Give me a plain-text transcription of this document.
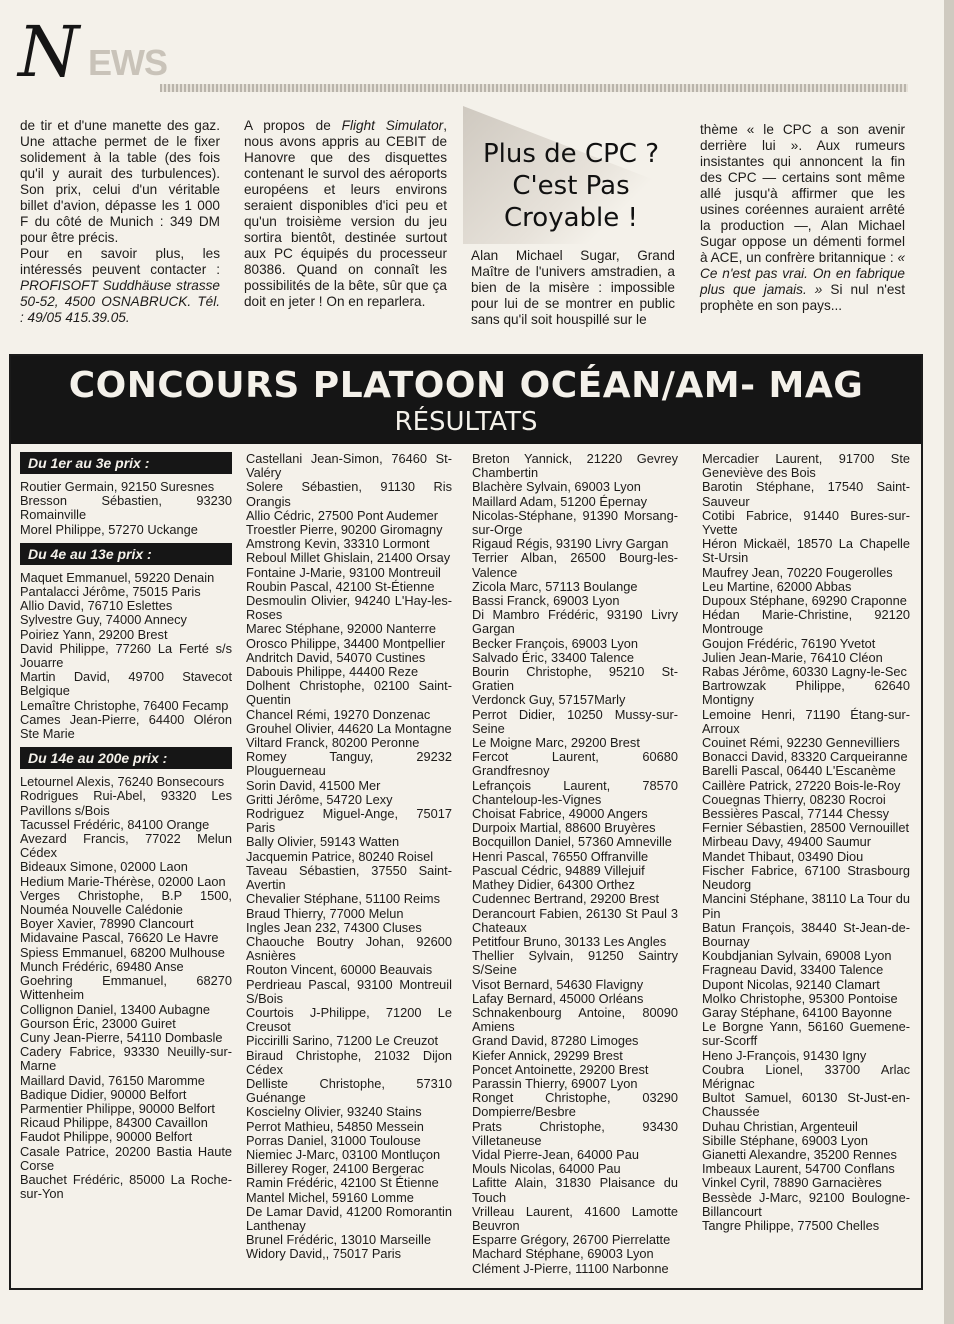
N EWS

de tir et d'une manette des gaz. Une attache permet de le fixer solidement à la table (des fois qu'il y aurait des turbulences). Son prix, celui d'un véritable billet d'avion, dépasse les 1 000 F du côté de Munich : 349 DM pour être précis.

Pour en savoir plus, les intéressés peuvent contacter : PROFISOFT Suddhäuse strasse 50-52, 4500 OSNABRUCK. Tél. : 49/05 415.39.05.

A propos de Flight Simulator, nous avons appris au CEBIT de Hanovre que des disquettes contenant le survol des aéroports européens et leurs environs seraient disponibles d'ici peu et qu'un troisième version du jeu sortira bientôt, destinée surtout aux PC équipés du processeur 80386. Quand on connaît les possibilités de la bête, sûr que ça doit en jeter ! On en reparlera.

Plus de CPC ?
C'est Pas
Croyable !
Alan Michael Sugar, Grand Maître de l'univers amstradien, a bien de la misère : impossible pour lui de se montrer en public sans qu'il soit houspillé sur le

thème « le CPC a son avenir derrière lui ». Aux rumeurs insistantes qui annoncent la fin des CPC — certains sont même allé jusqu'à affirmer que les usines coréennes auraient arrêté la production —, Alan Michael Sugar oppose un démenti formel à ACE, un confrère britannique : « Ce n'est pas vrai. On en fabrique plus que jamais. » Si nul n'est prophète en son pays...

CONCOURS PLATOON OCÉAN/AM- MAG
RÉSULTATS
Du 1er au 3e prix :
Routier Germain, 92150 Suresnes
Bresson Sébastien, 93230 Romainville
Morel Philippe, 57270 Uckange
Du 4e au 13e prix :
Maquet Emmanuel, 59220 Denain
Pantalacci Jérôme, 75015 Paris
Allio David, 76710 Eslettes
Sylvestre Guy, 74000 Annecy
Poiriez Yann, 29200 Brest
David Philippe, 77260 La Ferté s/s Jouarre
Martin David, 49700 Stavecot Belgique
Lemaître Christophe, 76400 Fecamp
Cames Jean-Pierre, 64400 Oléron Ste Marie
Du 14e au 200e prix :
Letournel Alexis, 76240 Bonsecours
Rodrigues Rui-Abel, 93320 Les Pavillons s/Bois
Tacussel Frédéric, 84100 Orange
Avezard Francis, 77022 Melun Cédex
Bideaux Simone, 02000 Laon
Hedium Marie-Thérèse, 02000 Laon
Verges Christophe, B.P 1500, Nouméa Nouvelle Calédonie
Boyer Xavier, 78990 Clancourt
Midavaine Pascal, 76620 Le Havre
Spiess Emmanuel, 68200 Mulhouse
Munch Frédéric, 69480 Anse
Goehring Emmanuel, 68270 Wittenheim
Collignon Daniel, 13400 Aubagne
Gourson Éric, 23000 Guiret
Cuny Jean-Pierre, 54110 Dombasle
Cadery Fabrice, 93330 Neuilly-sur-Marne
Maillard David, 76150 Maromme
Badique Didier, 90000 Belfort
Parmentier Philippe, 90000 Belfort
Ricaud Philippe, 84300 Cavaillon
Faudot Philippe, 90000 Belfort
Casale Patrice, 20200 Bastia Haute Corse
Bauchet Frédéric, 85000 La Roche-sur-Yon
Castellani Jean-Simon, 76460 St-Valéry
Solere Sébastien, 91130 Ris Orangis
Allio Cédric, 27500 Pont Audemer
Troestler Pierre, 90200 Giromagny
Amstrong Kevin, 33310 Lormont
Reboul Millet Ghislain, 21400 Orsay
Fontaine J-Marie, 93100 Montreuil
Roubin Pascal, 42100 St-Étienne
Desmoulin Olivier, 94240 L'Hay-les-Roses
Marec Stéphane, 92000 Nanterre
Orosco Philippe, 34400 Montpellier
Andritch David, 54070 Custines
Dabouis Philippe, 44400 Reze
Dolhent Christophe, 02100 Saint-Quentin
Chancel Rémi, 19270 Donzenac
Grouhel Olivier, 44620 La Montagne
Viltard Franck, 80200 Peronne
Romey Tanguy, 29232 Plouguerneau
Sorin David, 41500 Mer
Gritti Jérôme, 54720 Lexy
Rodriguez Miguel-Ange, 75017 Paris
Bally Olivier, 59143 Watten
Jacquemin Patrice, 80240 Roisel
Taveau Sébastien, 37550 Saint-Avertin
Chevalier Stéphane, 51100 Reims
Braud Thierry, 77000 Melun
Ingles Jean 232, 74300 Cluses
Chaouche Boutry Johan, 92600 Asnières
Routon Vincent, 60000 Beauvais
Perdrieau Pascal, 93100 Montreuil S/Bois
Courtois J-Philippe, 71200 Le Creusot
Piccirilli Sarino, 71200 Le Creuzot
Biraud Christophe, 21032 Dijon Cédex
Delliste Christophe, 57310 Guénange
Koscielny Olivier, 93240 Stains
Perrot Mathieu, 54850 Messein
Porras Daniel, 31000 Toulouse
Niemiec J-Marc, 03100 Montluçon
Billerey Roger, 24100 Bergerac
Ramin Frédéric, 42100 St Étienne
Mantel Michel, 59160 Lomme
De Lamar David, 41200 Romorantin Lanthenay
Brunel Frédéric, 13010 Marseille
Widory David,, 75017 Paris
Breton Yannick, 21220 Gevrey Chambertin
Blachère Sylvain, 69003 Lyon
Maillard Adam, 51200 Épernay
Nicolas-Stéphane, 91390 Morsang-sur-Orge
Rigaud Régis, 93190 Livry Gargan
Terrier Alban, 26500 Bourg-les-Valence
Zicola Marc, 57113 Boulange
Bassi Franck, 69003 Lyon
Di Mambro Frédéric, 93190 Livry Gargan
Becker François, 69003 Lyon
Salvado Éric, 33400 Talence
Bourin Christophe, 95210 St-Gratien
Verdonck Guy, 57157Marly
Perrot Didier, 10250 Mussy-sur-Seine
Le Moigne Marc, 29200 Brest
Fercot Laurent, 60680 Grandfresnoy
Lefrançois Laurent, 78570 Chanteloup-les-Vignes
Choisat Fabrice, 49000 Angers
Durpoix Martial, 88600 Bruyères
Bocquillon Daniel, 57360 Amneville
Henri Pascal, 76550 Offranville
Pascual Cédric, 94889 Villejuif
Mathey Didier, 64300 Orthez
Cudennec Bertrand, 29200 Brest
Derancourt Fabien, 26130 St Paul 3 Chateaux
Petitfour Bruno, 30133 Les Angles
Thellier Sylvain, 91250 Saintry S/Seine
Visot Bernard, 54630 Flavigny
Lafay Bernard, 45000 Orléans
Schnakenbourg Antoine, 80090 Amiens
Grand David, 87280 Limoges
Kiefer Annick, 29299 Brest
Poncet Antoinette, 29200 Brest
Parassin Thierry, 69007 Lyon
Ronget Christophe, 03290 Dompierre/Besbre
Prats Christophe, 93430 Villetaneuse
Vidal Pierre-Jean, 64000 Pau
Mouls Nicolas, 64000 Pau
Lafitte Alain, 31830 Plaisance du Touch
Vrilleau Laurent, 41600 Lamotte Beuvron
Esparre Grégory, 26700 Pierrelatte
Machard Stéphane, 69003 Lyon
Clément J-Pierre, 11100 Narbonne
Mercadier Laurent, 91700 Ste Geneviève des Bois
Barotin Stéphane, 17540 Saint-Sauveur
Cotibi Fabrice, 91440 Bures-sur-Yvette
Héron Mickaël, 18570 La Chapelle St-Ursin
Maufrey Jean, 70220 Fougerolles
Leu Martine, 62000 Abbas
Dupoux Stéphane, 69290 Craponne
Hédan Marie-Christine, 92120 Montrouge
Goujon Frédéric, 76190 Yvetot
Julien Jean-Marie, 76410 Cléon
Rabas Jérôme, 60330 Lagny-le-Sec
Bartrowzak Philippe, 62640 Montigny
Lemoine Henri, 71190 Étang-sur-Arroux
Couinet Rémi, 92230 Gennevilliers
Bonacci David, 83320 Carqueiranne
Barelli Pascal, 06440 L'Escanème
Caillère Patrick, 27220 Bois-le-Roy
Couegnas Thierry, 08230 Rocroi
Bessières Pascal, 77144 Chessy
Fernier Sébastien, 28500 Vernouillet
Mirbeau Davy, 49400 Saumur
Mandet Thibaut, 03490 Diou
Fischer Fabrice, 67100 Strasbourg Neudorg
Mancini Stéphane, 38110 La Tour du Pin
Batun François, 38440 St-Jean-de-Bournay
Koubdjanian Sylvain, 69008 Lyon
Fragneau David, 33400 Talence
Dupont Nicolas, 92140 Clamart
Molko Christophe, 95300 Pontoise
Garay Stéphane, 64100 Bayonne
Le Borgne Yann, 56160 Guemene-sur-Scorff
Heno J-François, 91430 Igny
Coubra Lionel, 33700 Arlac Mérignac
Bultot Samuel, 60130 St-Just-en-Chaussée
Duhau Christian, Argenteuil
Sibille Stéphane, 69003 Lyon
Gianetti Alexandre, 35200 Rennes
Imbeaux Laurent, 54700 Conflans
Vinkel Cyril, 78890 Garnacières
Bessède J-Marc, 92100 Boulogne-Billancourt
Tangre Philippe, 77500 Chelles
